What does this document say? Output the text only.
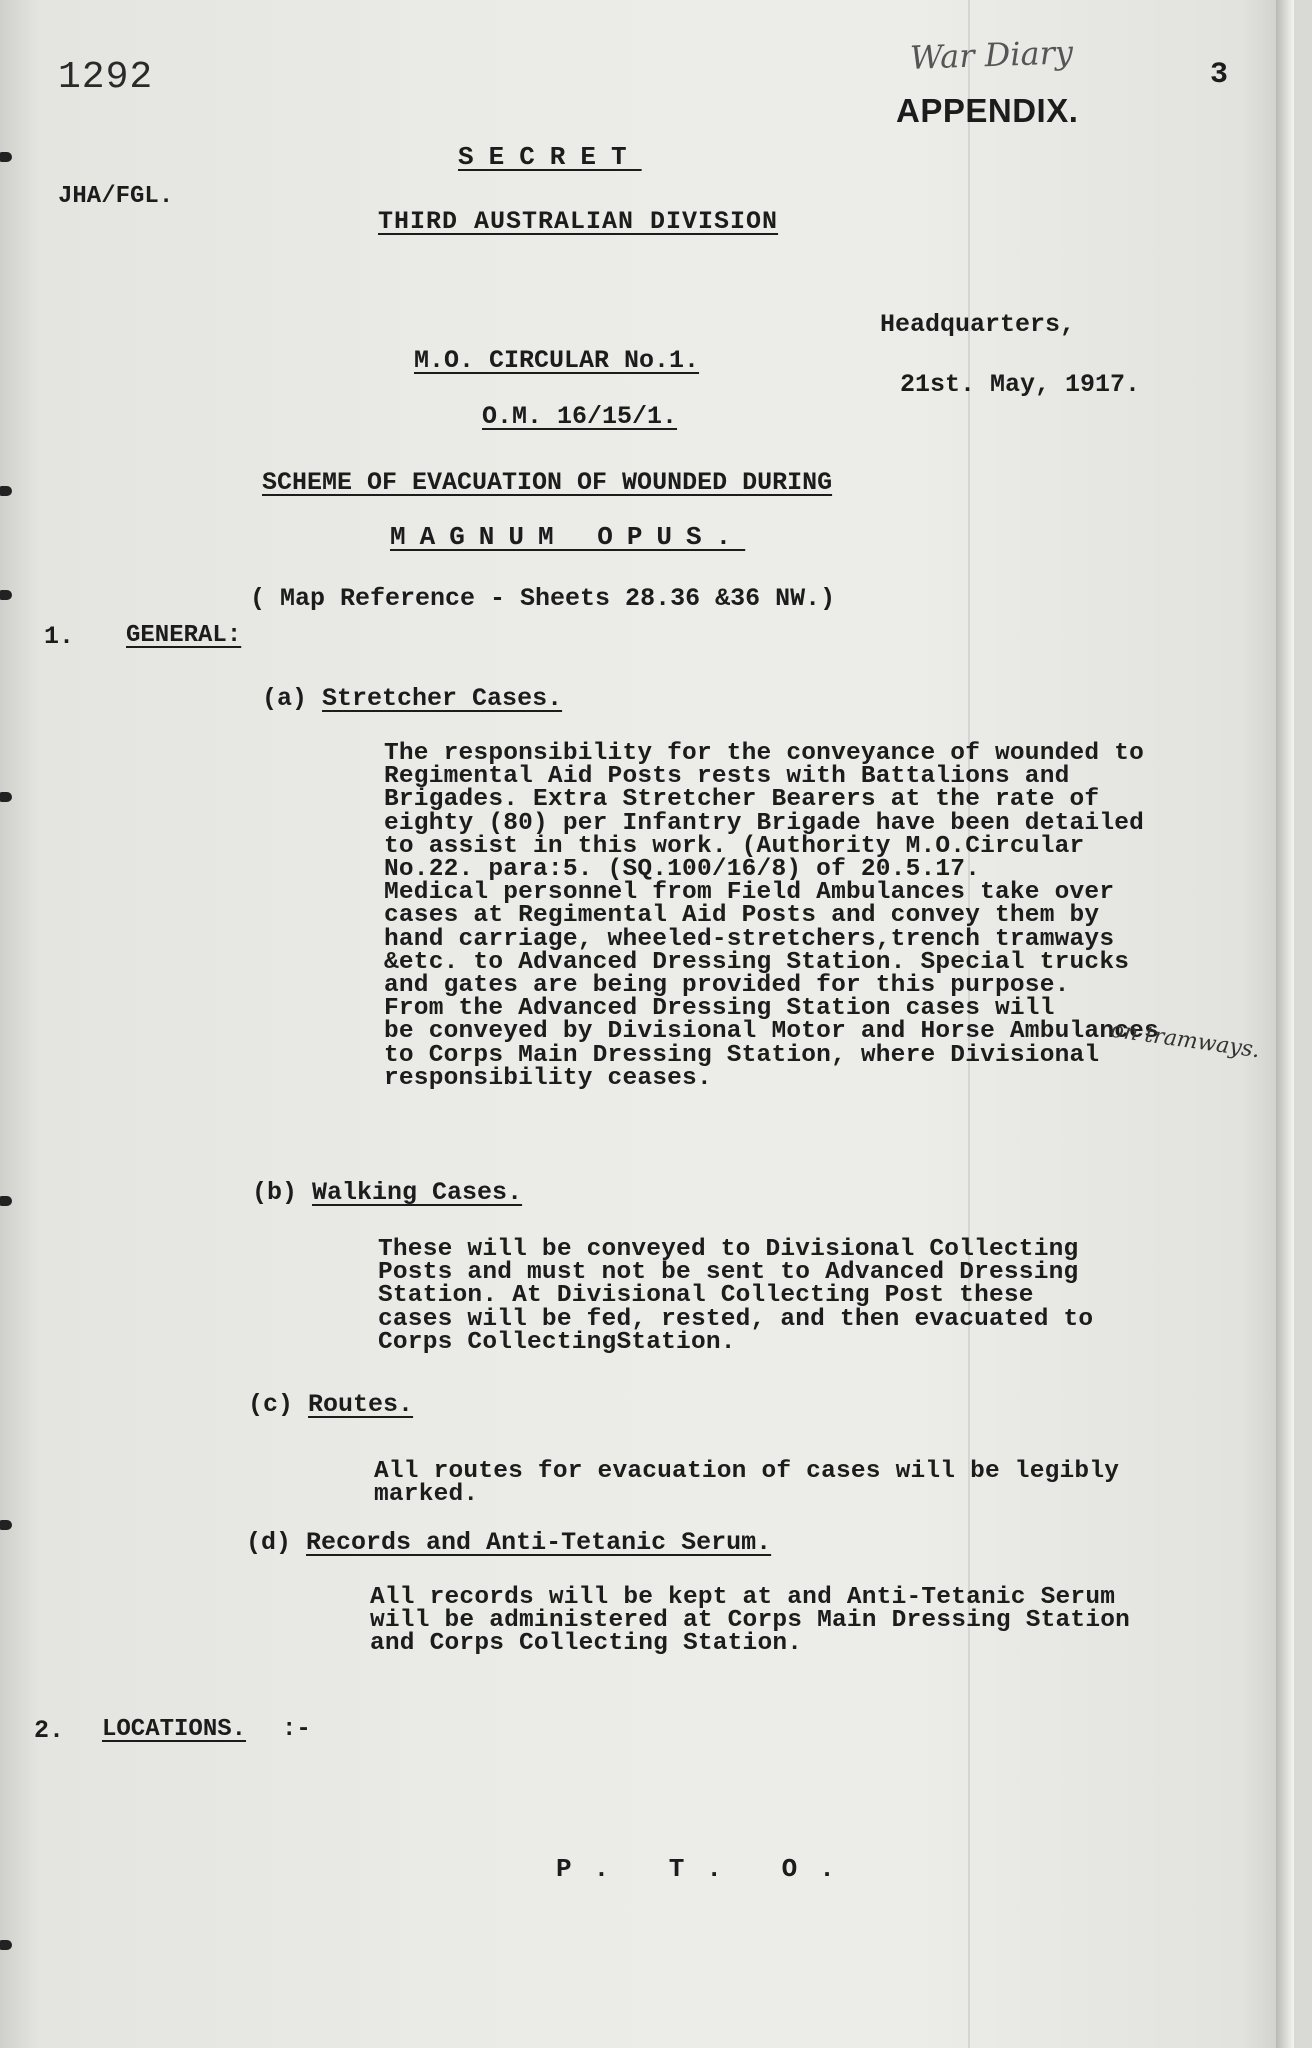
1292
War Diary	3
APPENDIX.
SECRET
JHA/FGL.
THIRD AUSTRALIAN DIVISION
Headquarters,
21st. May, 1917.
M.O. CIRCULAR No.1.
O.M. 16/15/1.
SCHEME OF EVACUATION OF WOUNDED DURING
MAGNUM OPUS.
( Map Reference - Sheets 28.36 &36 NW.)
1. GENERAL:
(a) Stretcher Cases.
The responsibility for the conveyance of wounded to
Regimental Aid Posts rests with Battalions and
Brigades. Extra Stretcher Bearers at the rate of
eighty (80) per Infantry Brigade have been detailed
to assist in this work. (Authority M.O.Circular
No.22. para:5. (SQ.100/16/8) of 20.5.17.
Medical personnel from Field Ambulances take over
cases at Regimental Aid Posts and convey them by
hand carriage, wheeled-stretchers,trench tramways
&etc. to Advanced Dressing Station. Special trucks
and gates are being provided for this purpose.
From the Advanced Dressing Station cases will
be conveyed by Divisional Motor and Horse Ambulances
to Corps Main Dressing Station, where Divisional
responsibility ceases.
on tramways.
(b) Walking Cases.
These will be conveyed to Divisional Collecting
Posts and must not be sent to Advanced Dressing
Station. At Divisional Collecting Post these
cases will be fed, rested, and then evacuated to
Corps CollectingStation.
(c) Routes.
All routes for evacuation of cases will be legibly
marked.
(d) Records and Anti-Tetanic Serum.
All records will be kept at and Anti-Tetanic Serum
will be administered at Corps Main Dressing Station
and Corps Collecting Station.
2. LOCATIONS. :-
P. T. O.
